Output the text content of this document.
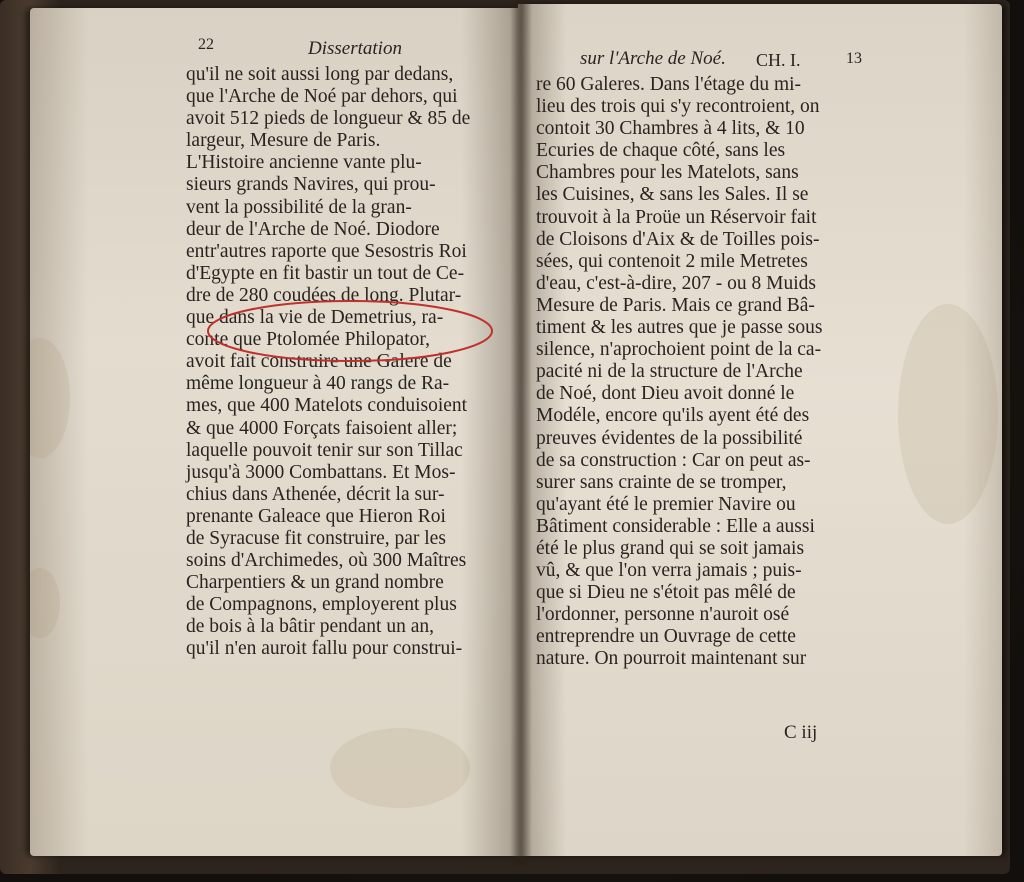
22	Dissertation
qu'il ne soit aussi long par dedans,
que l'Arche de Noé par dehors, qui
avoit 512 pieds de longueur & 85 de
largeur, Mesure de Paris.
L'Histoire ancienne vante plu-
sieurs grands Navires, qui prou-
vent la possibilité de la gran-
deur de l'Arche de Noé. Diodore
entr'autres raporte que Sesostris Roi
d'Egypte en fit bastir un tout de Ce-
dre de 280 coudées de long. Plutar-
que dans la vie de Demetrius, ra-
conte que Ptolomée Philopator,
avoit fait construire une Galere de
même longueur à 40 rangs de Ra-
mes, que 400 Matelots conduisoient
& que 4000 Forçats faisoient aller;
laquelle pouvoit tenir sur son Tillac
jusqu'à 3000 Combattans. Et Mos-
chius dans Athenée, décrit la sur-
prenante Galeace que Hieron Roi
de Syracuse fit construire, par les
soins d'Archimedes, où 300 Maîtres
Charpentiers & un grand nombre
de Compagnons, employerent plus
de bois à la bâtir pendant un an,
qu'il n'en auroit fallu pour construi-
sur l'Arche de Noé. CH. I.	13
re 60 Galeres. Dans l'étage du mi-
lieu des trois qui s'y recontroient, on
contoit 30 Chambres à 4 lits, & 10
Ecuries de chaque côté, sans les
Chambres pour les Matelots, sans
les Cuisines, & sans les Sales. Il se
trouvoit à la Proüe un Réservoir fait
de Cloisons d'Aix & de Toilles pois-
sées, qui contenoit 2 mile Metretes
d'eau, c'est-à-dire, 207 - ou 8 Muids
Mesure de Paris. Mais ce grand Bâ-
timent & les autres que je passe sous
silence, n'aprochoient point de la ca-
pacité ni de la structure de l'Arche
de Noé, dont Dieu avoit donné le
Modéle, encore qu'ils ayent été des
preuves évidentes de la possibilité
de sa construction : Car on peut as-
surer sans crainte de se tromper,
qu'ayant été le premier Navire ou
Bâtiment considerable : Elle a aussi
été le plus grand qui se soit jamais
vû, & que l'on verra jamais ; puis-
que si Dieu ne s'étoit pas mêlé de
l'ordonner, personne n'auroit osé
entreprendre un Ouvrage de cette
nature. On pourroit maintenant sur
C iij
